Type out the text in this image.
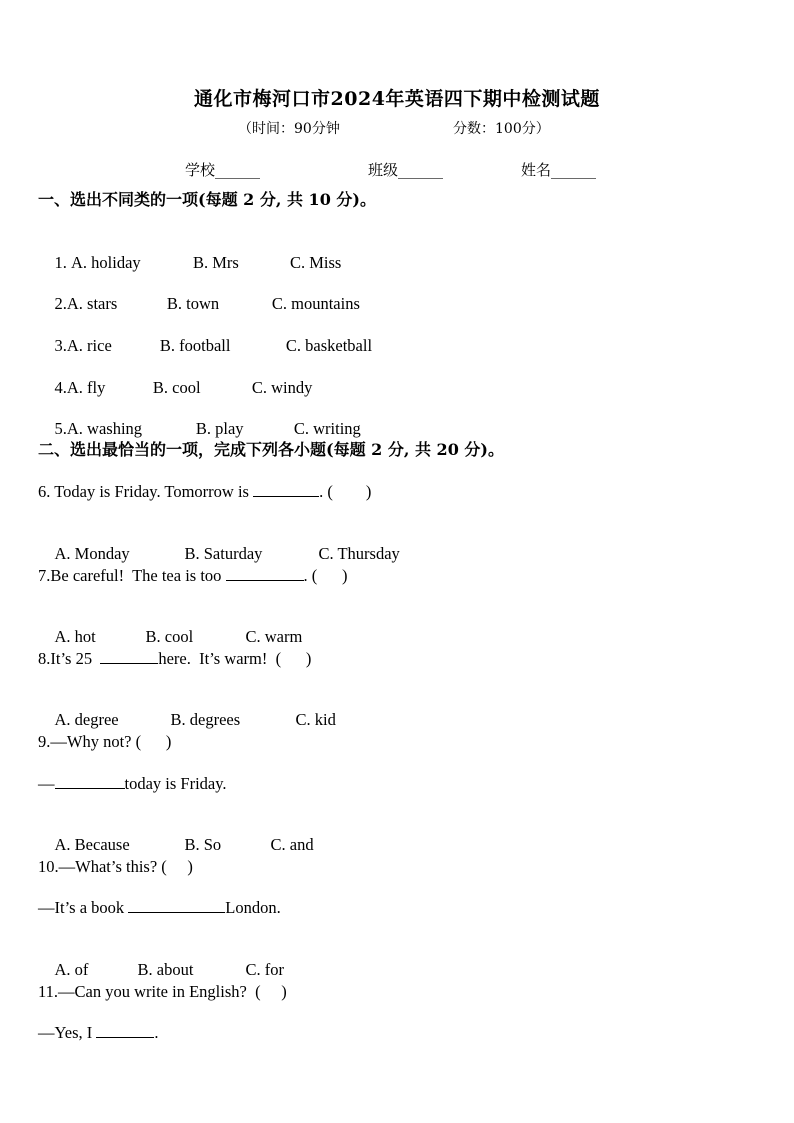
通化市梅河口市2024年英语四下期中检测试题
（时间：90分钟	分数：100分）
学校______	班级______	姓名______
一、选出不同类的一项(每题 2 分, 共 10 分)。

1. A. holiday	B. Mrs	C. Miss

2.A. stars	B. town	C. mountains

3.A. rice	B. football	C. basketball

4.A. fly	B. cool	C. windy

5.A. washing	B. play	C. writing

二、选出最恰当的一项，完成下列各小题(每题 2 分, 共 20 分)。
6. Today is Friday. Tomorrow is	. (        )

A. Monday	B. Saturday	C. Thursday

7.Be careful!  The tea is too	. (      )

A. hot	B. cool	C. warm

8.It’s 25	here.  It’s warm!  (      )

A. degree	B. degrees	C. kid

9.—Why not? (      )
—	today is Friday.

A. Because	B. So	C. and

10.—What’s this? (     )
—It’s a book	London.

A. of	B. about	C. for

11.—Can you write in English?  (     )
—Yes, I	.
